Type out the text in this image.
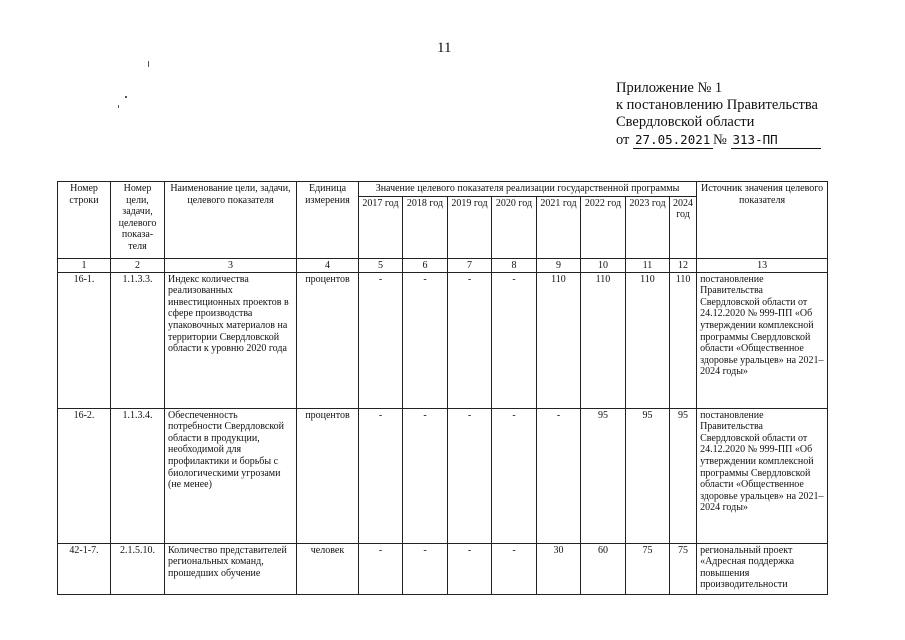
11
Приложение № 1
к постановлению Правительства
Свердловской области
от 27.05.2021 № 313-ПП
Номер строки	Номер цели, задачи, целевого показа-теля	Наименование цели, задачи, целевого показателя	Единица измерения	Значение целевого показателя реализации государственной программы								Источник значения целевого показателя
				2017 год	2018 год	2019 год	2020 год	2021 год	2022 год	2023 год	2024 год	
1	2	3	4	5	6	7	8	9	10	11	12	13
16-1.	1.1.3.3.	Индекс количества реализованных инвестиционных проектов в сфере производства упаковочных материалов на территории Свердловской области к уровню 2020 года	процентов	-	-	-	-	110	110	110	110	постановление Правительства Свердловской области от 24.12.2020 № 999-ПП «Об утверждении комплексной программы Свердловской области «Общественное здоровье уральцев» на 2021–2024 годы»
16-2.	1.1.3.4.	Обеспеченность потребности Свердловской области в продукции, необходимой для профилактики и борьбы с биологическими угрозами (не менее)	процентов	-	-	-	-	-	95	95	95	постановление Правительства Свердловской области от 24.12.2020 № 999-ПП «Об утверждении комплексной программы Свердловской области «Общественное здоровье уральцев» на 2021–2024 годы»

42-1-7.	2.1.5.10.	Количество представителей региональных команд, прошедших обучение	человек	-	-	-	-	30	60	75	75	региональный проект «Адресная поддержка повышения производительности
